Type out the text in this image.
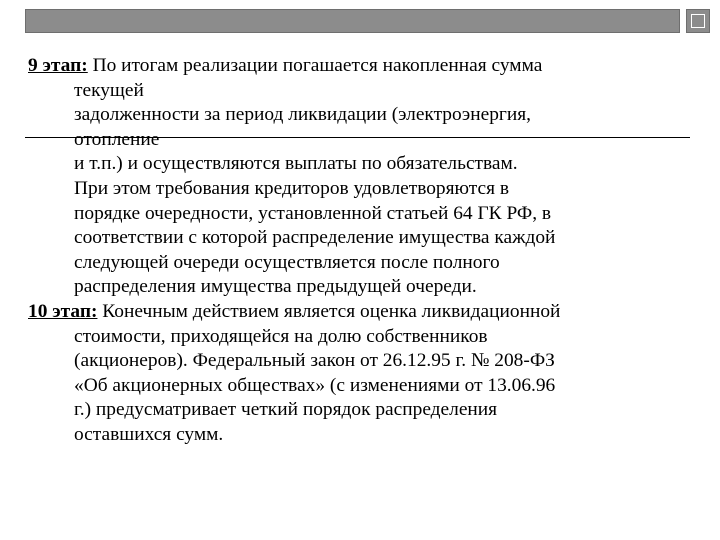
9 этап: По итогам реализации погашается накопленная сумма
текущей
задолженности за период ликвидации (электроэнергия,
отопление
и т.п.) и осуществляются выплаты по обязательствам.
При этом требования кредиторов удовлетворяются в
порядке очередности, установленной статьей 64 ГК РФ, в
соответствии с которой распределение имущества каждой
следующей очереди осуществляется после полного
распределения имущества предыдущей очереди.

10 этап: Конечным действием является оценка ликвидационной
стоимости, приходящейся на долю собственников
(акционеров). Федеральный закон от 26.12.95 г. № 208-ФЗ
«Об акционерных обществах» (с изменениями от 13.06.96
г.) предусматривает четкий порядок распределения
оставшихся сумм.
